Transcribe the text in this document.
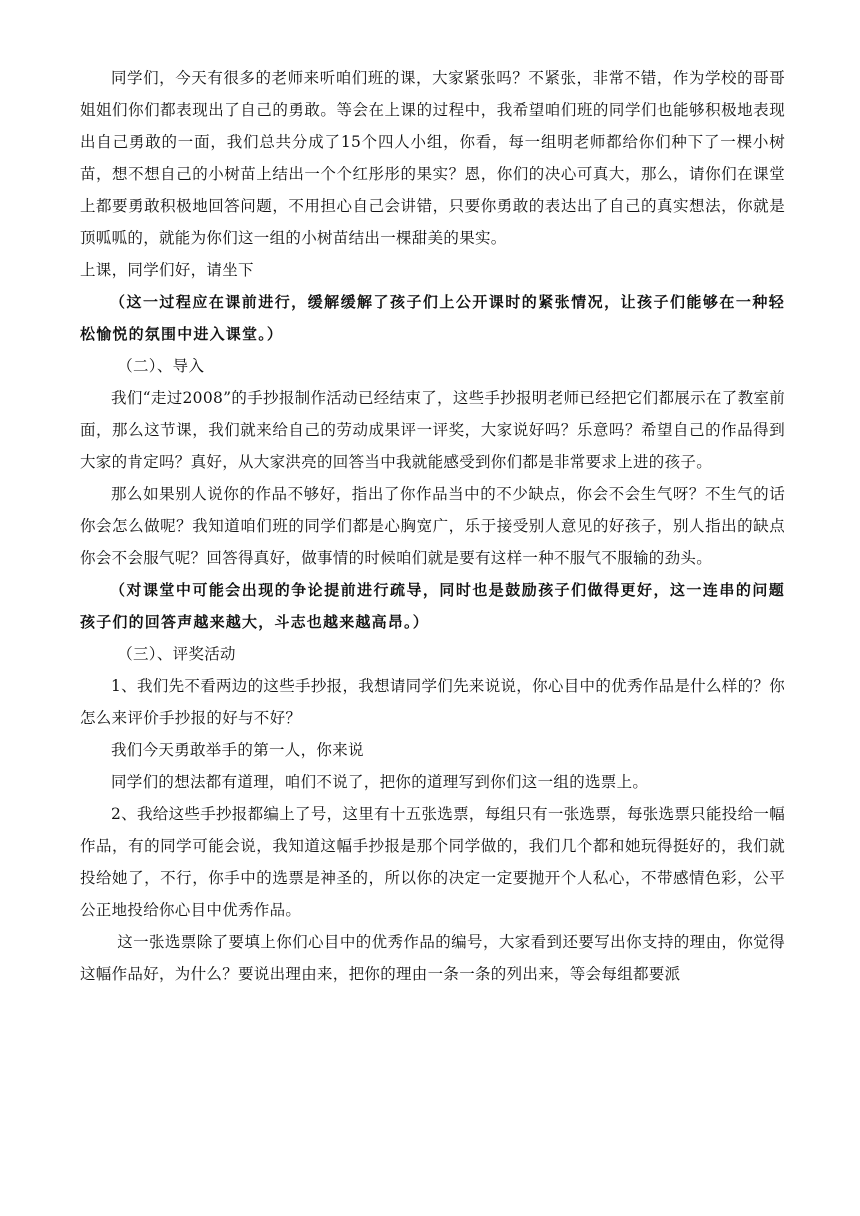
同学们，今天有很多的老师来听咱们班的课，大家紧张吗？不紧张，非常不错，作为学校的哥哥姐姐们你们都表现出了自己的勇敢。等会在上课的过程中，我希望咱们班的同学们也能够积极地表现出自己勇敢的一面，我们总共分成了15个四人小组，你看，每一组明老师都给你们种下了一棵小树苗，想不想自己的小树苗上结出一个个红彤彤的果实？恩，你们的决心可真大，那么，请你们在课堂上都要勇敢积极地回答问题，不用担心自己会讲错，只要你勇敢的表达出了自己的真实想法，你就是顶呱呱的，就能为你们这一组的小树苗结出一棵甜美的果实。

上课，同学们好，请坐下

（这一过程应在课前进行，缓解缓解了孩子们上公开课时的紧张情况，让孩子们能够在一种轻松愉悦的氛围中进入课堂。）

（二）、导入

我们“走过2008”的手抄报制作活动已经结束了，这些手抄报明老师已经把它们都展示在了教室前面，那么这节课，我们就来给自己的劳动成果评一评奖，大家说好吗？乐意吗？希望自己的作品得到大家的肯定吗？真好，从大家洪亮的回答当中我就能感受到你们都是非常要求上进的孩子。

那么如果别人说你的作品不够好，指出了你作品当中的不少缺点，你会不会生气呀？不生气的话你会怎么做呢？我知道咱们班的同学们都是心胸宽广，乐于接受别人意见的好孩子，别人指出的缺点你会不会服气呢？回答得真好，做事情的时候咱们就是要有这样一种不服气不服输的劲头。

（对课堂中可能会出现的争论提前进行疏导，同时也是鼓励孩子们做得更好，这一连串的问题孩子们的回答声越来越大，斗志也越来越高昂。）

（三）、评奖活动

1、我们先不看两边的这些手抄报，我想请同学们先来说说，你心目中的优秀作品是什么样的？你怎么来评价手抄报的好与不好？

我们今天勇敢举手的第一人，你来说

同学们的想法都有道理，咱们不说了，把你的道理写到你们这一组的选票上。

2、我给这些手抄报都编上了号，这里有十五张选票，每组只有一张选票，每张选票只能投给一幅作品，有的同学可能会说，我知道这幅手抄报是那个同学做的，我们几个都和她玩得挺好的，我们就投给她了，不行，你手中的选票是神圣的，所以你的决定一定要抛开个人私心，不带感情色彩，公平公正地投给你心目中优秀作品。

这一张选票除了要填上你们心目中的优秀作品的编号，大家看到还要写出你支持的理由，你觉得这幅作品好，为什么？要说出理由来，把你的理由一条一条的列出来，等会每组都要派
